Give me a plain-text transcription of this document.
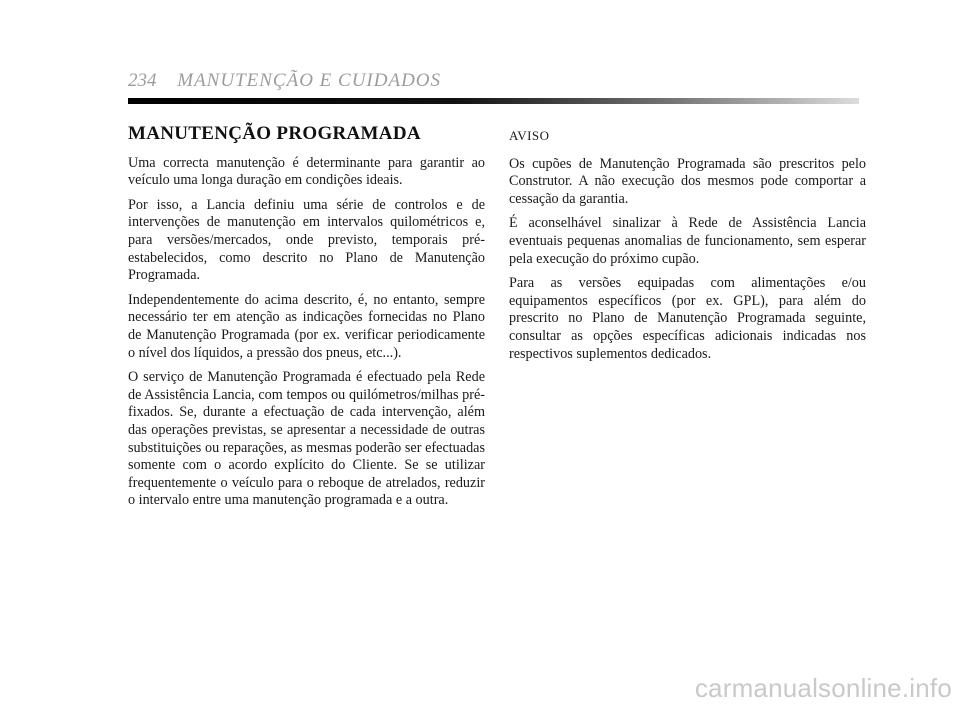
234 MANUTENÇÃO E CUIDADOS
MANUTENÇÃO PROGRAMADA

Uma correcta manutenção é determinante para garantir ao veículo uma longa duração em condições ideais.

Por isso, a Lancia definiu uma série de controlos e de intervenções de manutenção em intervalos quilométricos e, para versões/mercados, onde previsto, temporais pré-estabelecidos, como descrito no Plano de Manutenção Programada.

Independentemente do acima descrito, é, no entanto, sempre necessário ter em atenção as indicações fornecidas no Plano de Manutenção Programada (por ex. verificar periodicamente o nível dos líquidos, a pressão dos pneus, etc...).

O serviço de Manutenção Programada é efectuado pela Rede de Assistência Lancia, com tempos ou quilómetros/milhas pré-fixados. Se, durante a efectuação de cada intervenção, além das operações previstas, se apresentar a necessidade de outras substituições ou reparações, as mesmas poderão ser efectuadas somente com o acordo explícito do Cliente. Se se utilizar frequentemente o veículo para o reboque de atrelados, reduzir o intervalo entre uma manutenção programada e a outra.

AVISO

Os cupões de Manutenção Programada são prescritos pelo Construtor. A não execução dos mesmos pode comportar a cessação da garantia.

É aconselhável sinalizar à Rede de Assistência Lancia eventuais pequenas anomalias de funcionamento, sem esperar pela execução do próximo cupão.

Para as versões equipadas com alimentações e/ou equipamentos específicos (por ex. GPL), para além do prescrito no Plano de Manutenção Programada seguinte, consultar as opções específicas adicionais indicadas nos respectivos suplementos dedicados.

carmanualsonline.info
